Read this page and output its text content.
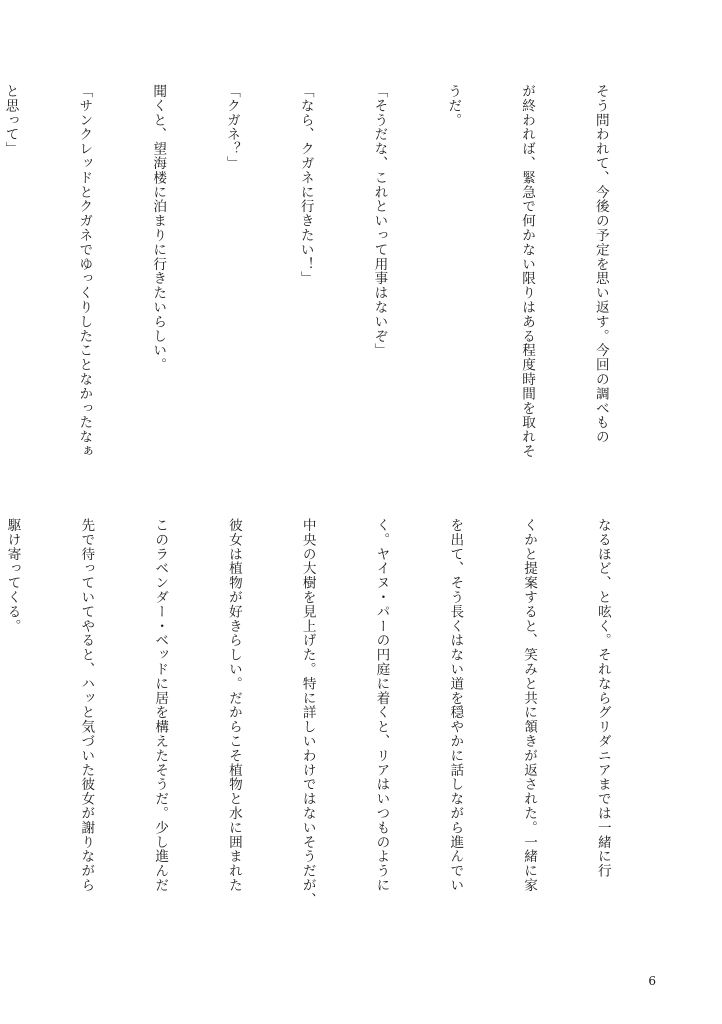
そう問われて、今後の予定を思い返す。今回の調べもの

が終われば、緊急で何かない限りはある程度時間を取れそ

うだ。

「そうだな、これといって用事はないぞ」

「なら、クガネに行きたい！」

「クガネ？」

聞くと、望海楼に泊まりに行きたいらしい。

「サンクレッドとクガネでゆっくりしたことなかったなぁ

と思って」

なるほど、と呟く。それならグリダニアまでは一緒に行

くかと提案すると、笑みと共に頷きが返された。一緒に家

を出て、そう長くはない道を穏やかに話しながら進んでい

く。ヤイヌ・パーの円庭に着くと、リアはいつものように

中央の大樹を見上げた。特に詳しいわけではないそうだが、

彼女は植物が好きらしい。だからこそ植物と水に囲まれた

このラベンダー・ベッドに居を構えたそうだ。少し進んだ

先で待っていてやると、ハッと気づいた彼女が謝りながら

駆け寄ってくる。

6
